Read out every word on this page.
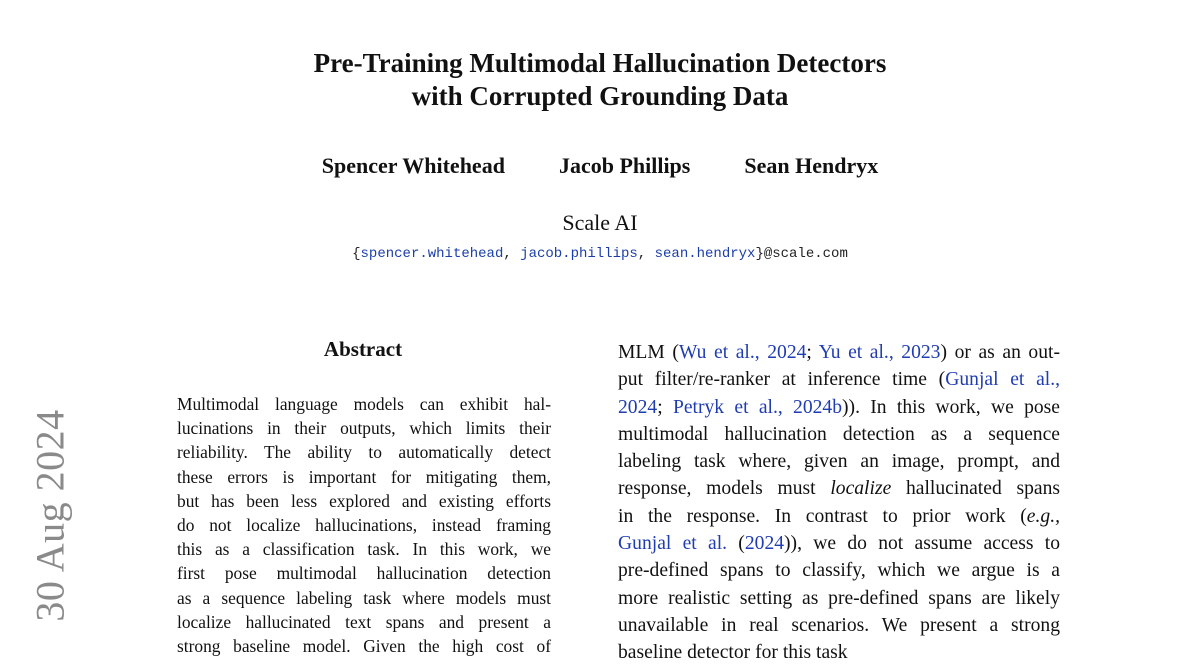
30 Aug 2024
Pre-Training Multimodal Hallucination Detectors
with Corrupted Grounding Data
Spencer Whitehead Jacob Phillips Sean Hendryx
Scale AI
{spencer.whitehead, jacob.phillips, sean.hendryx}@scale.com
Abstract
Multimodal language models can exhibit hal-
lucinations in their outputs, which limits their
reliability. The ability to automatically detect
these errors is important for mitigating them,
but has been less explored and existing efforts
do not localize hallucinations, instead framing
this as a classification task. In this work, we
first pose multimodal hallucination detection
as a sequence labeling task where models must
localize hallucinated text spans and present a
strong baseline model. Given the high cost of
MLM (Wu et al., 2024; Yu et al., 2023) or as an out-
put filter/re-ranker at inference time (Gunjal et al.,
2024; Petryk et al., 2024b)). In this work, we pose
multimodal hallucination detection as a sequence
labeling task where, given an image, prompt, and
response, models must localize hallucinated spans
in the response. In contrast to prior work (e.g.,
Gunjal et al. (2024)), we do not assume access to
pre-defined spans to classify, which we argue is a
more realistic setting as pre-defined spans are likely
unavailable in real scenarios. We present a strong
baseline detector for this task
